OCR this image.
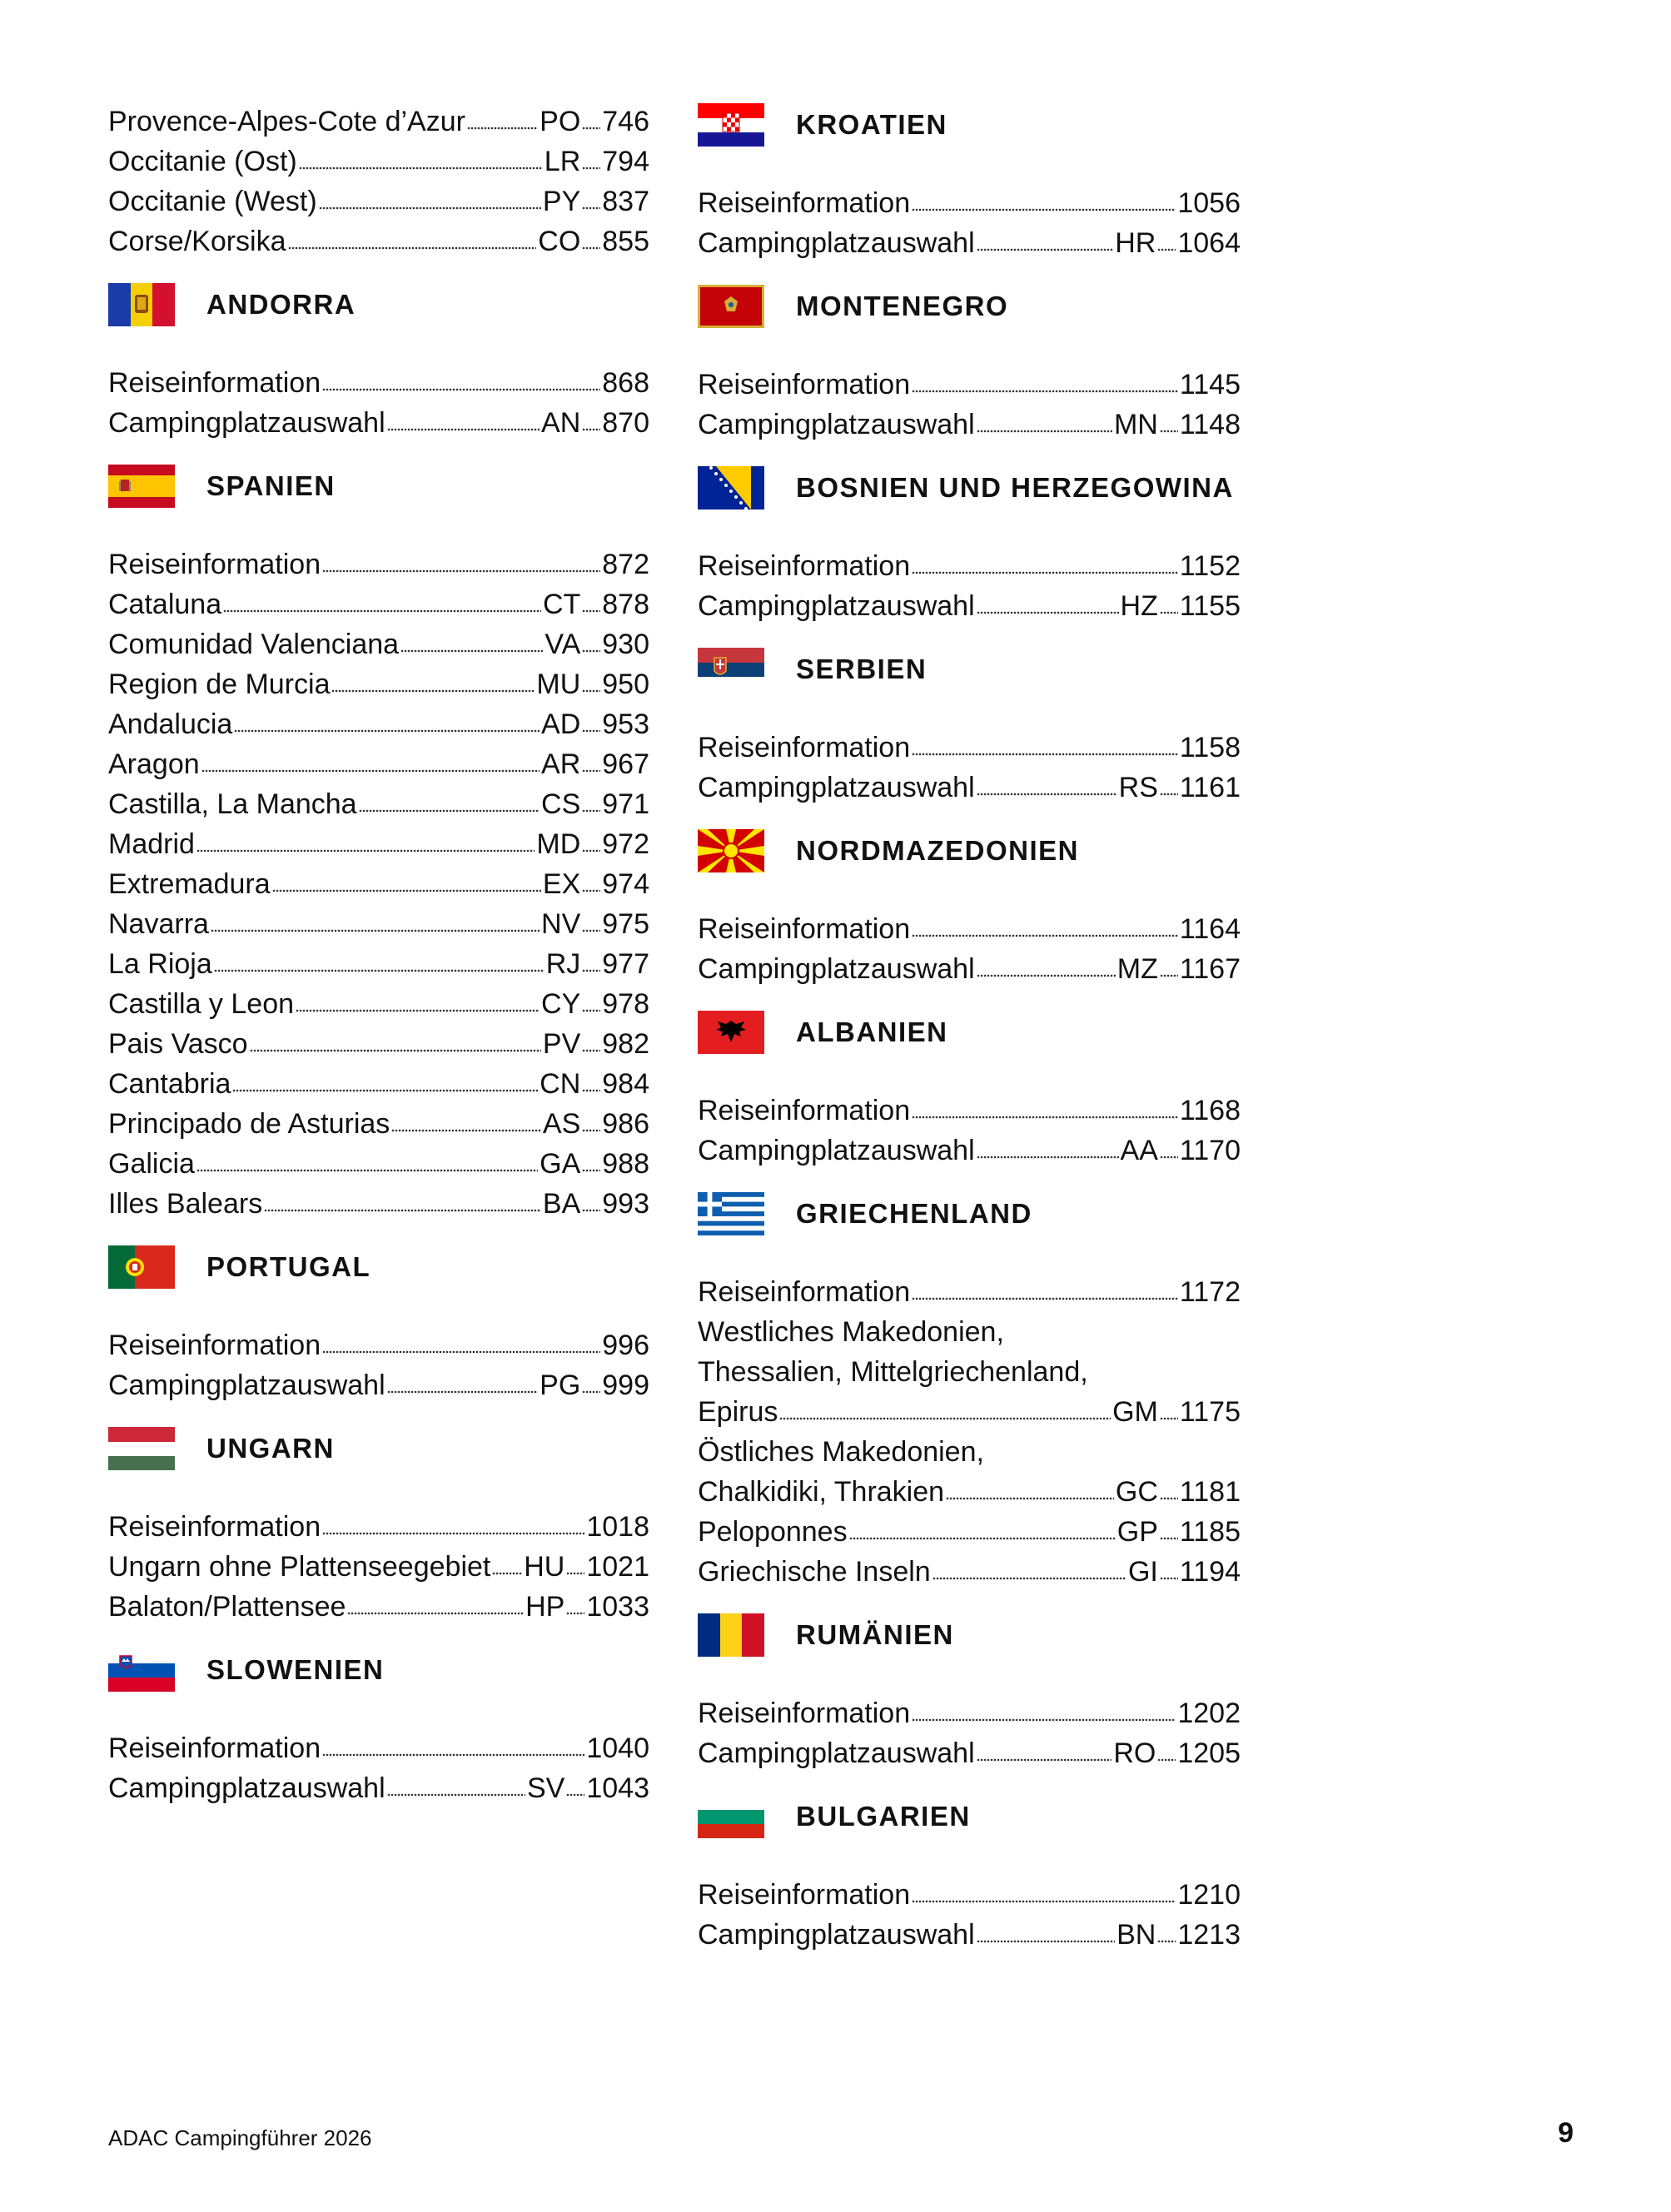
Provence-Alpes-Cote d’Azur	PO 746
Occitanie (Ost)	LR 794
Occitanie (West)	PY 837
Corse/Korsika	CO 855
ANDORRA
Reiseinformation	868
Campingplatzauswahl	AN 870
SPANIEN
Reiseinformation	872
Cataluna	CT 878
Comunidad Valenciana	VA 930
Region de Murcia	MU 950
Andalucia	AD 953
Aragon	AR 967
Castilla, La Mancha	CS 971
Madrid	MD 972
Extremadura	EX 974
Navarra	NV 975
La Rioja	RJ 977
Castilla y Leon	CY 978
Pais Vasco	PV 982
Cantabria	CN 984
Principado de Asturias	AS 986
Galicia	GA 988
Illes Balears	BA 993
PORTUGAL
Reiseinformation	996
Campingplatzauswahl	PG 999
UNGARN
Reiseinformation	1018
Ungarn ohne Plattenseegebiet HU 1021
Balaton/Plattensee	HP 1033
SLOWENIEN
Reiseinformation	1040
Campingplatzauswahl	SV 1043
KROATIEN
Reiseinformation	1056
Campingplatzauswahl	HR 1064
MONTENEGRO
Reiseinformation	1145
Campingplatzauswahl	MN 1148
BOSNIEN UND HERZEGOWINA
Reiseinformation	1152
Campingplatzauswahl	HZ 1155
SERBIEN
Reiseinformation	1158
Campingplatzauswahl	RS 1161
NORDMAZEDONIEN
Reiseinformation	1164
Campingplatzauswahl	MZ 1167
ALBANIEN
Reiseinformation	1168
Campingplatzauswahl	AA 1170
GRIECHENLAND
Reiseinformation	1172
Westliches Makedonien,
Thessalien, Mittelgriechenland,
Epirus	GM 1175
Östliches Makedonien,
Chalkidiki, Thrakien	GC 1181
Peloponnes	GP 1185
Griechische Inseln	GI 1194
RUMÄNIEN
Reiseinformation	1202
Campingplatzauswahl	RO 1205
BULGARIEN
Reiseinformation	1210
Campingplatzauswahl	BN 1213
ADAC Campingführer 2026	9
